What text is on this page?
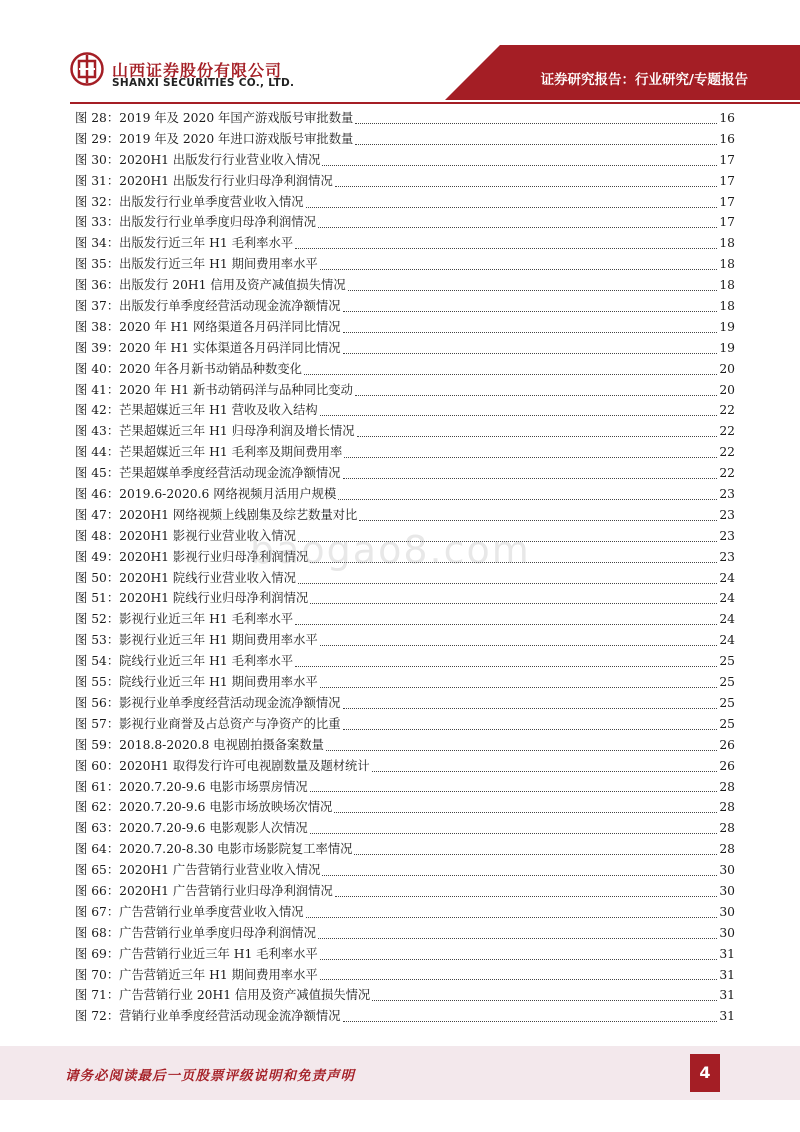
山西证券股份有限公司
SHANXI SECURITIES CO., LTD.	证券研究报告：行业研究/专题报告
图 28：2019 年及 2020 年国产游戏版号审批数量	16
图 29：2019 年及 2020 年进口游戏版号审批数量	16
图 30：2020H1 出版发行行业营业收入情况	17
图 31：2020H1 出版发行行业归母净利润情况	17
图 32：出版发行行业单季度营业收入情况	17
图 33：出版发行行业单季度归母净利润情况	17
图 34：出版发行近三年 H1 毛利率水平	18
图 35：出版发行近三年 H1 期间费用率水平	18
图 36：出版发行 20H1 信用及资产减值损失情况	18
图 37：出版发行单季度经营活动现金流净额情况	18
图 38：2020 年 H1 网络渠道各月码洋同比情况	19
图 39：2020 年 H1 实体渠道各月码洋同比情况	19
图 40：2020 年各月新书动销品种数变化	20
图 41：2020 年 H1 新书动销码洋与品种同比变动	20
图 42：芒果超媒近三年 H1 营收及收入结构	22
图 43：芒果超媒近三年 H1 归母净利润及增长情况	22
图 44：芒果超媒近三年 H1 毛利率及期间费用率	22
图 45：芒果超媒单季度经营活动现金流净额情况	22
图 46：2019.6-2020.6 网络视频月活用户规模	23
图 47：2020H1 网络视频上线剧集及综艺数量对比	23
图 48：2020H1 影视行业营业收入情况	23
图 49：2020H1 影视行业归母净利润情况	23
图 50：2020H1 院线行业营业收入情况	24
图 51：2020H1 院线行业归母净利润情况	24
图 52：影视行业近三年 H1 毛利率水平	24
图 53：影视行业近三年 H1 期间费用率水平	24
图 54：院线行业近三年 H1 毛利率水平	25
图 55：院线行业近三年 H1 期间费用率水平	25
图 56：影视行业单季度经营活动现金流净额情况	25
图 57：影视行业商誉及占总资产与净资产的比重	25
图 59：2018.8-2020.8 电视剧拍摄备案数量	26
图 60：2020H1 取得发行许可电视剧数量及题材统计	26
图 61：2020.7.20-9.6 电影市场票房情况	28
图 62：2020.7.20-9.6 电影市场放映场次情况	28
图 63：2020.7.20-9.6 电影观影人次情况	28
图 64：2020.7.20-8.30 电影市场影院复工率情况	28
图 65：2020H1 广告营销行业营业收入情况	30
图 66：2020H1 广告营销行业归母净利润情况	30
图 67：广告营销行业单季度营业收入情况	30
图 68：广告营销行业单季度归母净利润情况	30
图 69：广告营销行业近三年 H1 毛利率水平	31
图 70：广告营销近三年 H1 期间费用率水平	31
图 71：广告营销行业 20H1 信用及资产减值损失情况	31
图 72：营销行业单季度经营活动现金流净额情况	31
baogao8.com
请务必阅读最后一页股票评级说明和免责声明	4
